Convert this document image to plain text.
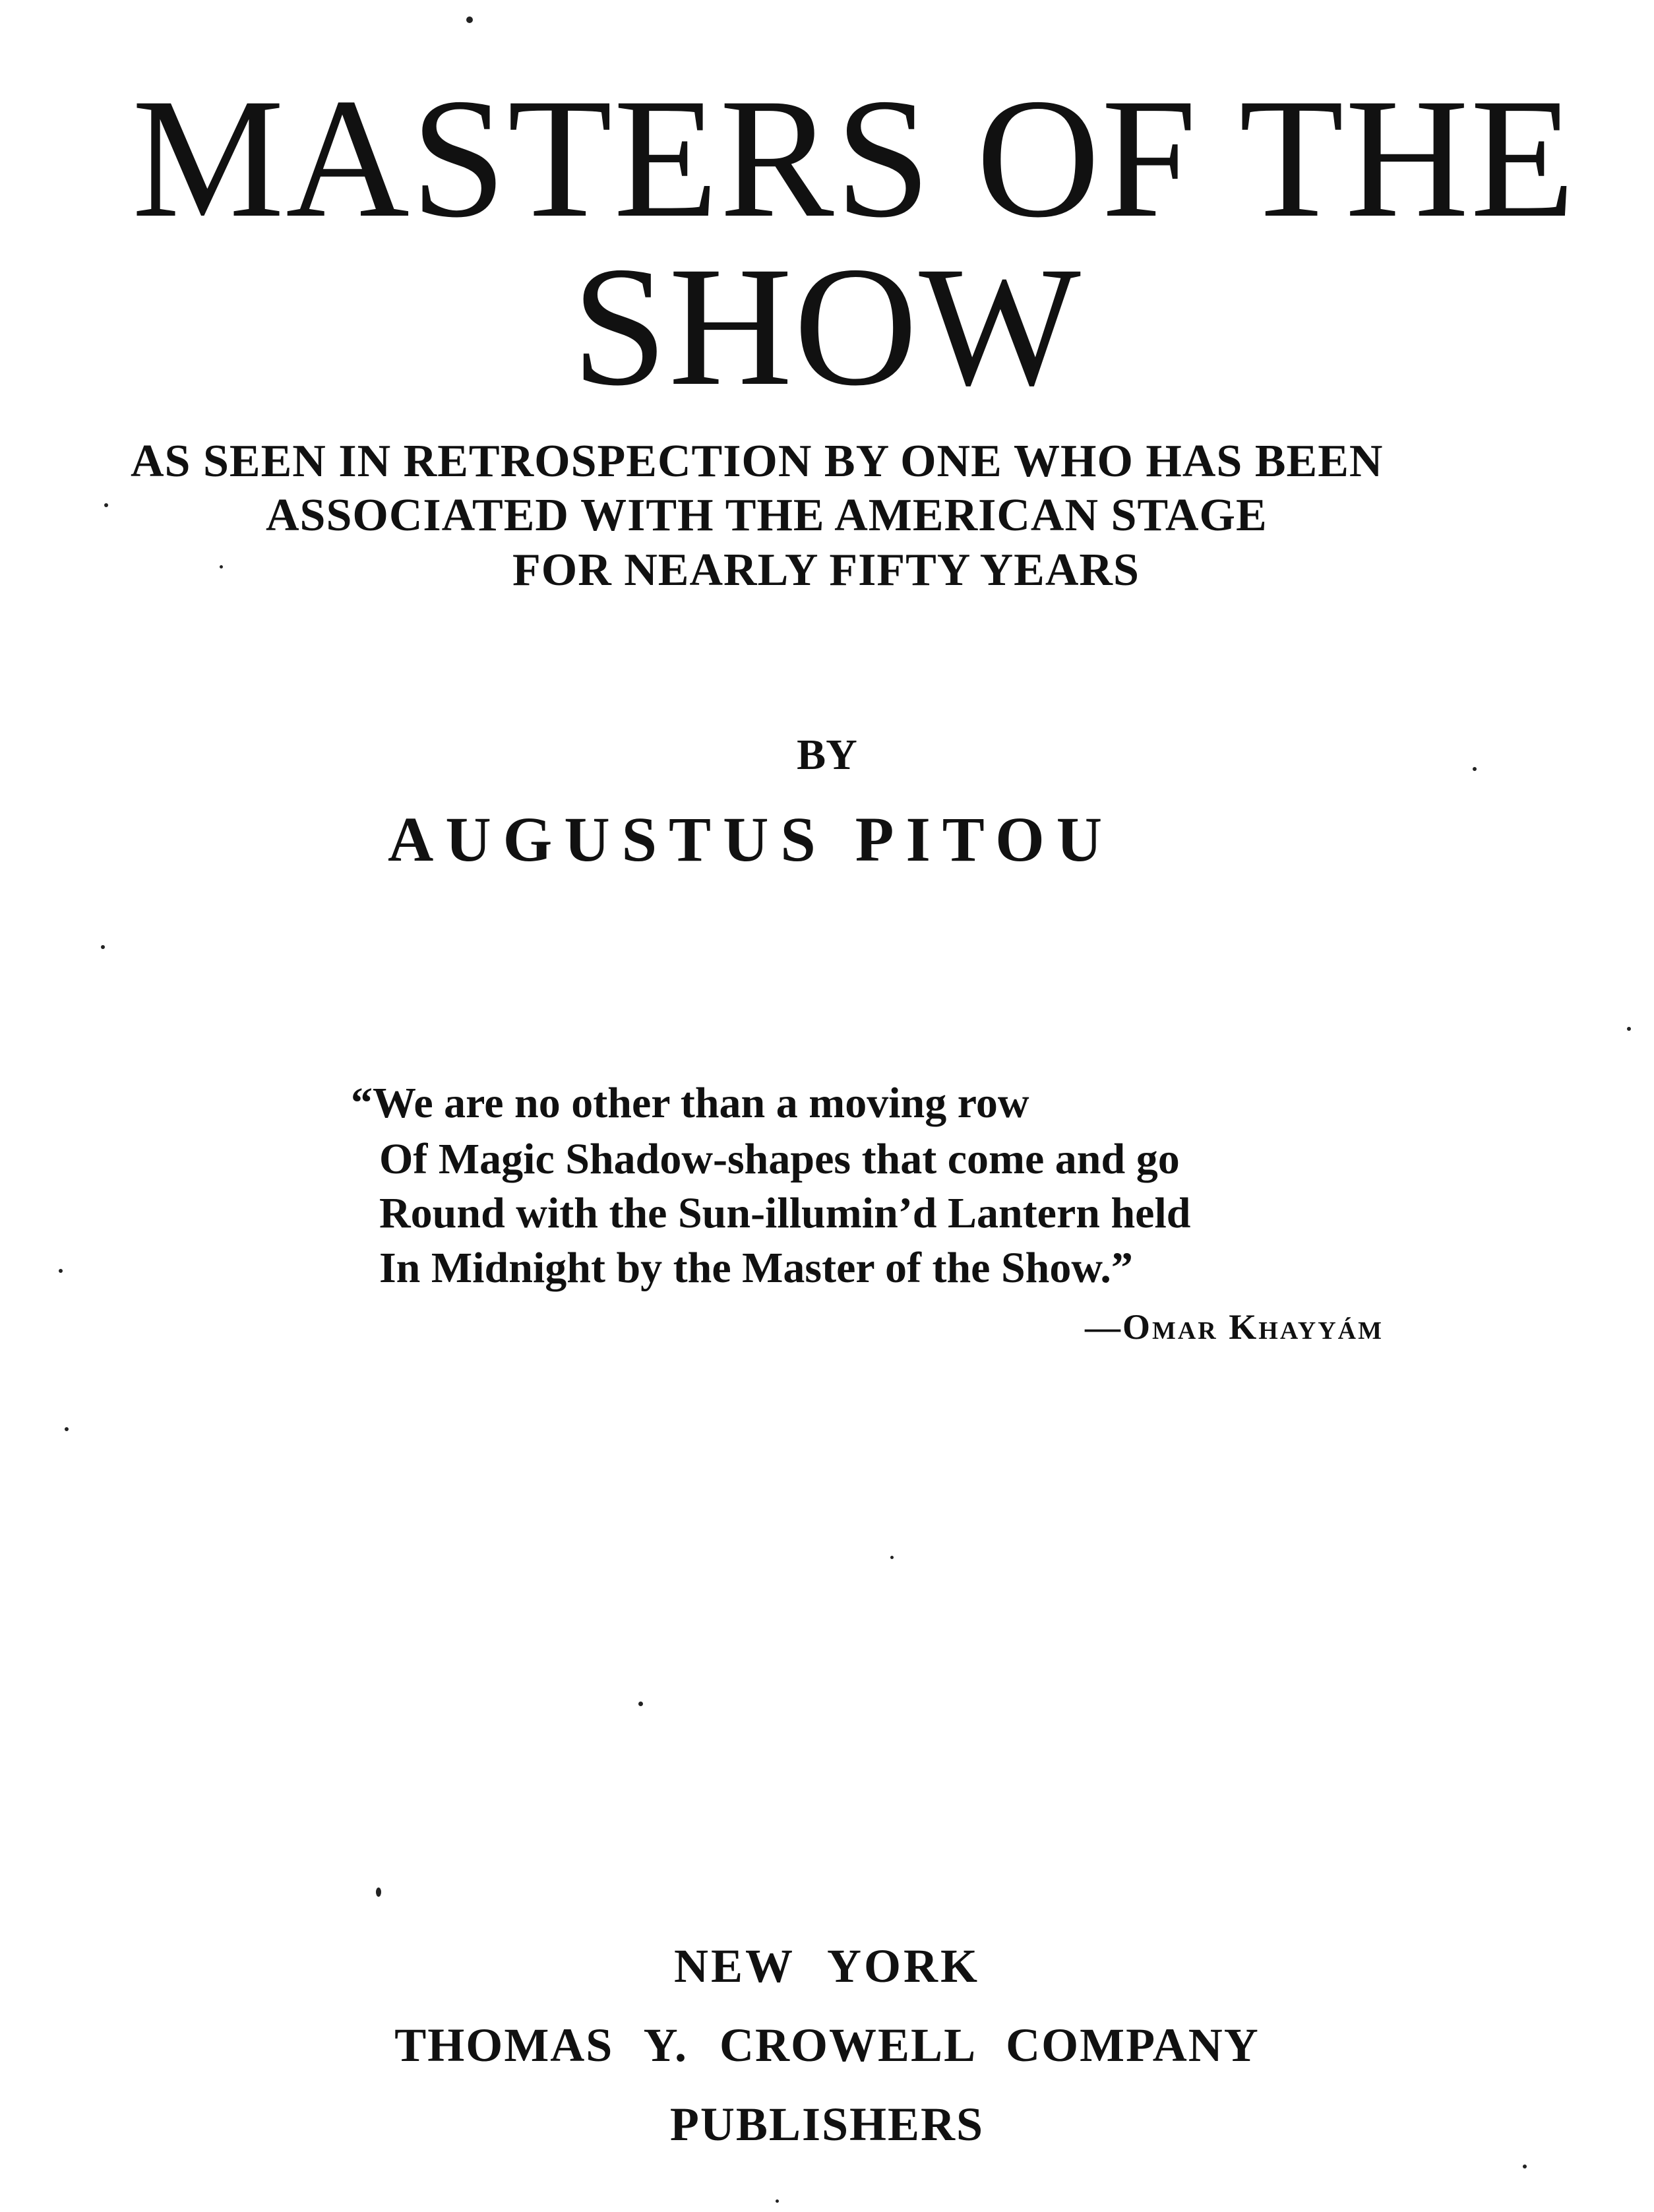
MASTERS OF THE
SHOW
AS SEEN IN RETROSPECTION BY ONE WHO HAS BEEN
ASSOCIATED WITH THE AMERICAN STAGE
FOR NEARLY FIFTY YEARS
BY
AUGUSTUS PITOU
“We are no other than a moving row
Of Magic Shadow-shapes that come and go
Round with the Sun-illumin’d Lantern held
In Midnight by the Master of the Show.”
—Omar Khayyám
NEW YORK
THOMAS Y. CROWELL COMPANY
PUBLISHERS
